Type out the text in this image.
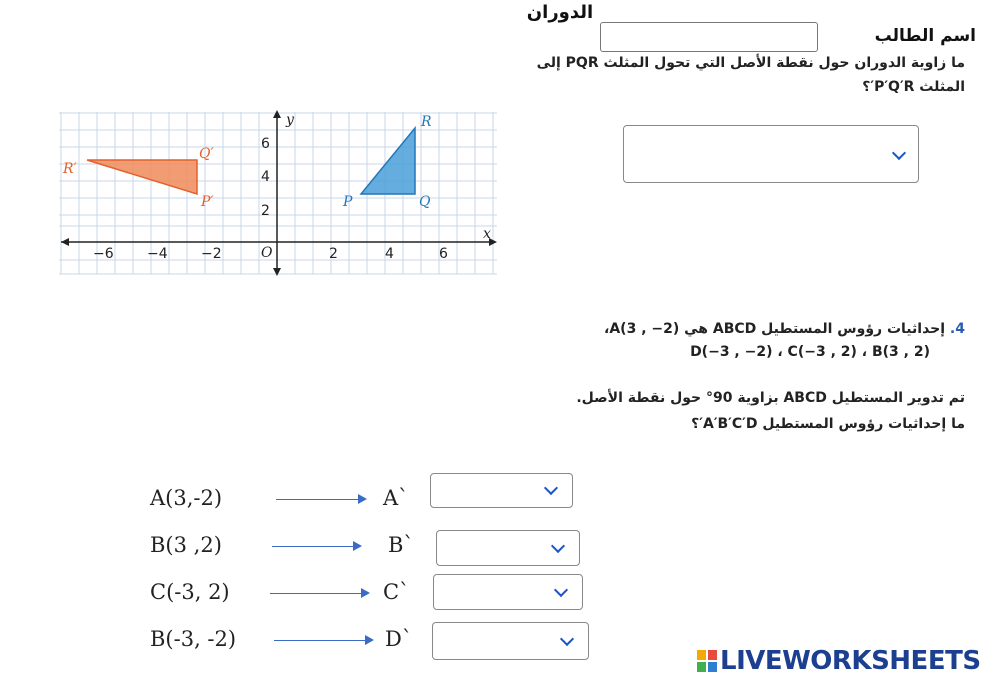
الدوران
اسم الطالب
ما زاوية الدوران حول نقطة الأصل التي تحول المثلث PQR إلى
المثلث P′Q′R′؟
y
x
O
−6 −4 −2	2	4	6
6
4
2
R′
Q′
P′
R
P	Q
4. إحداثيات رؤوس المستطيل ABCD هي (2− , 3)A،
D(−3 , −2) ، C(−3 , 2) ، B(3 , 2)
تم تدوير المستطيل ABCD بزاوية 90° حول نقطة الأصل.
ما إحداثيات رؤوس المستطيل A′B′C′D′؟
A(3,-2)	A`
B(3 ,2)	B`
C(-3, 2)	C`
B(-3, -2)	D`
LIVEWORKSHEETS
